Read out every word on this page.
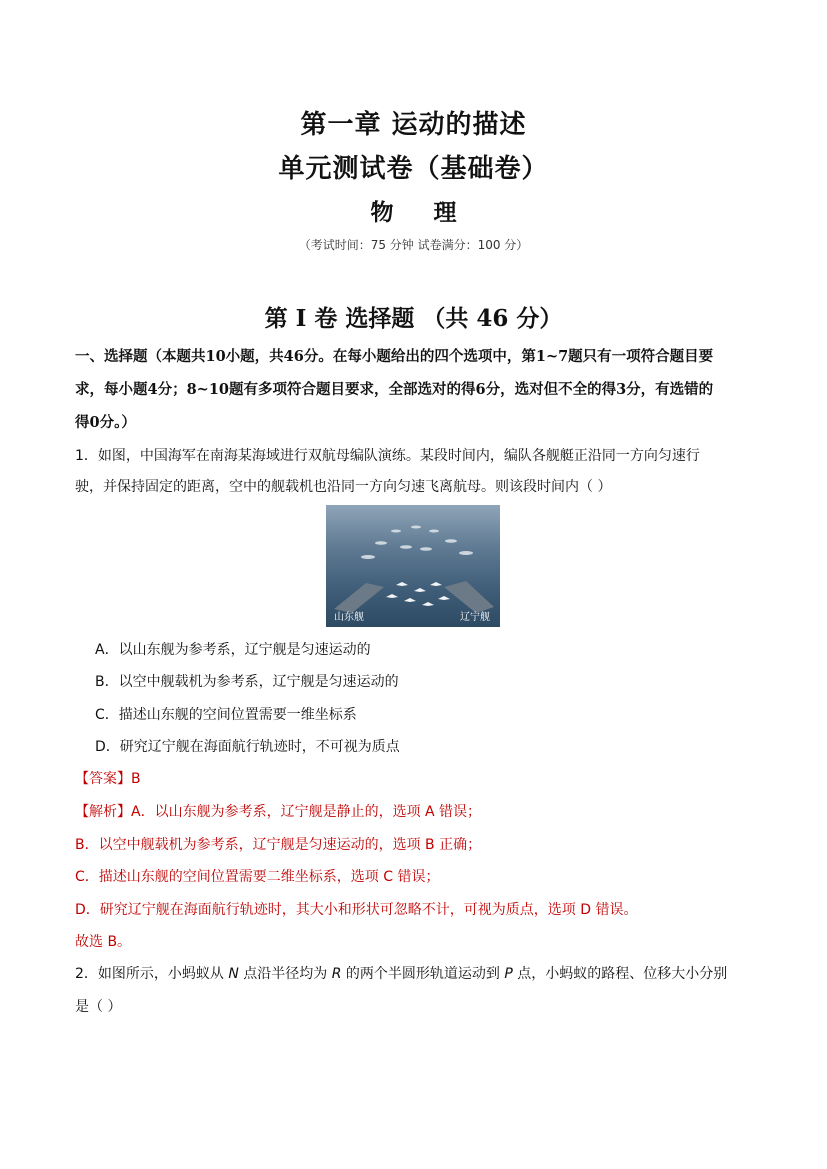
第一章 运动的描述
单元测试卷（基础卷）
物 理
（考试时间：75 分钟 试卷满分：100 分）
第 I 卷 选择题 （共 46 分）
一、选择题（本题共10小题，共46分。在每小题给出的四个选项中，第1~7题只有一项符合题目要
求，每小题4分；8~10题有多项符合题目要求，全部选对的得6分，选对但不全的得3分，有选错的
得0分。）
1．如图，中国海军在南海某海域进行双航母编队演练。某段时间内，编队各舰艇正沿同一方向匀速行
驶，并保持固定的距离，空中的舰载机也沿同一方向匀速飞离航母。则该段时间内（ ）
山东舰	辽宁舰
A．以山东舰为参考系，辽宁舰是匀速运动的
B．以空中舰载机为参考系，辽宁舰是匀速运动的
C．描述山东舰的空间位置需要一维坐标系
D．研究辽宁舰在海面航行轨迹时，不可视为质点
【答案】B
【解析】A．以山东舰为参考系，辽宁舰是静止的，选项 A 错误；
B．以空中舰载机为参考系，辽宁舰是匀速运动的，选项 B 正确；
C．描述山东舰的空间位置需要二维坐标系，选项 C 错误；
D．研究辽宁舰在海面航行轨迹时，其大小和形状可忽略不计，可视为质点，选项 D 错误。
故选 B。
2．如图所示，小蚂蚁从 N 点沿半径均为 R 的两个半圆形轨道运动到 P 点，小蚂蚁的路程、位移大小分别
是（ ）
